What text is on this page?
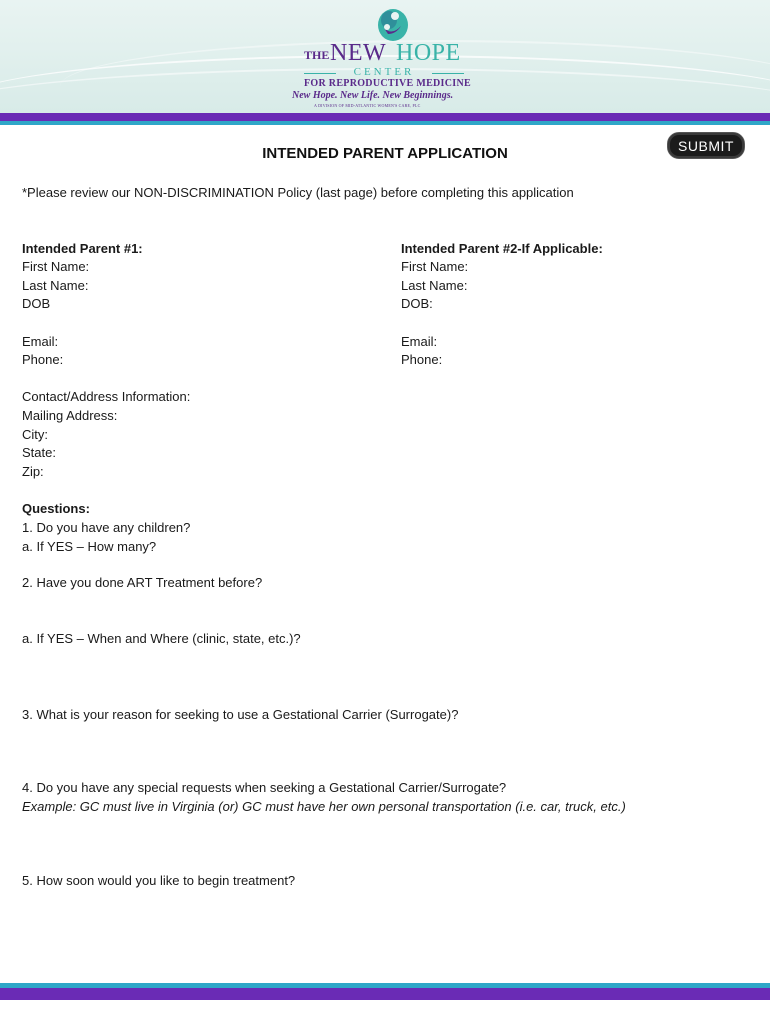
THE NEW HOPE
CENTER
FOR REPRODUCTIVE MEDICINE
New Hope. New Life. New Beginnings.
A DIVISION OF MID-ATLANTIC WOMEN'S CARE, PLC
SUBMIT
INTENDED PARENT APPLICATION
*Please review our NON-DISCRIMINATION Policy (last page) before completing this application
Intended Parent #1:
First Name:
Last Name:
DOB
Email:
Phone:
Intended Parent #2-If Applicable:
First Name:
Last Name:
DOB:
Email:
Phone:
Contact/Address Information:
Mailing Address:
City:
State:
Zip:
Questions:
1. Do you have any children?
a. If YES – How many?
2. Have you done ART Treatment before?
a. If YES – When and Where (clinic, state, etc.)?
3. What is your reason for seeking to use a Gestational Carrier (Surrogate)?
4. Do you have any special requests when seeking a Gestational Carrier/Surrogate?
Example: GC must live in Virginia (or) GC must have her own personal transportation (i.e. car, truck, etc.)
5. How soon would you like to begin treatment?
